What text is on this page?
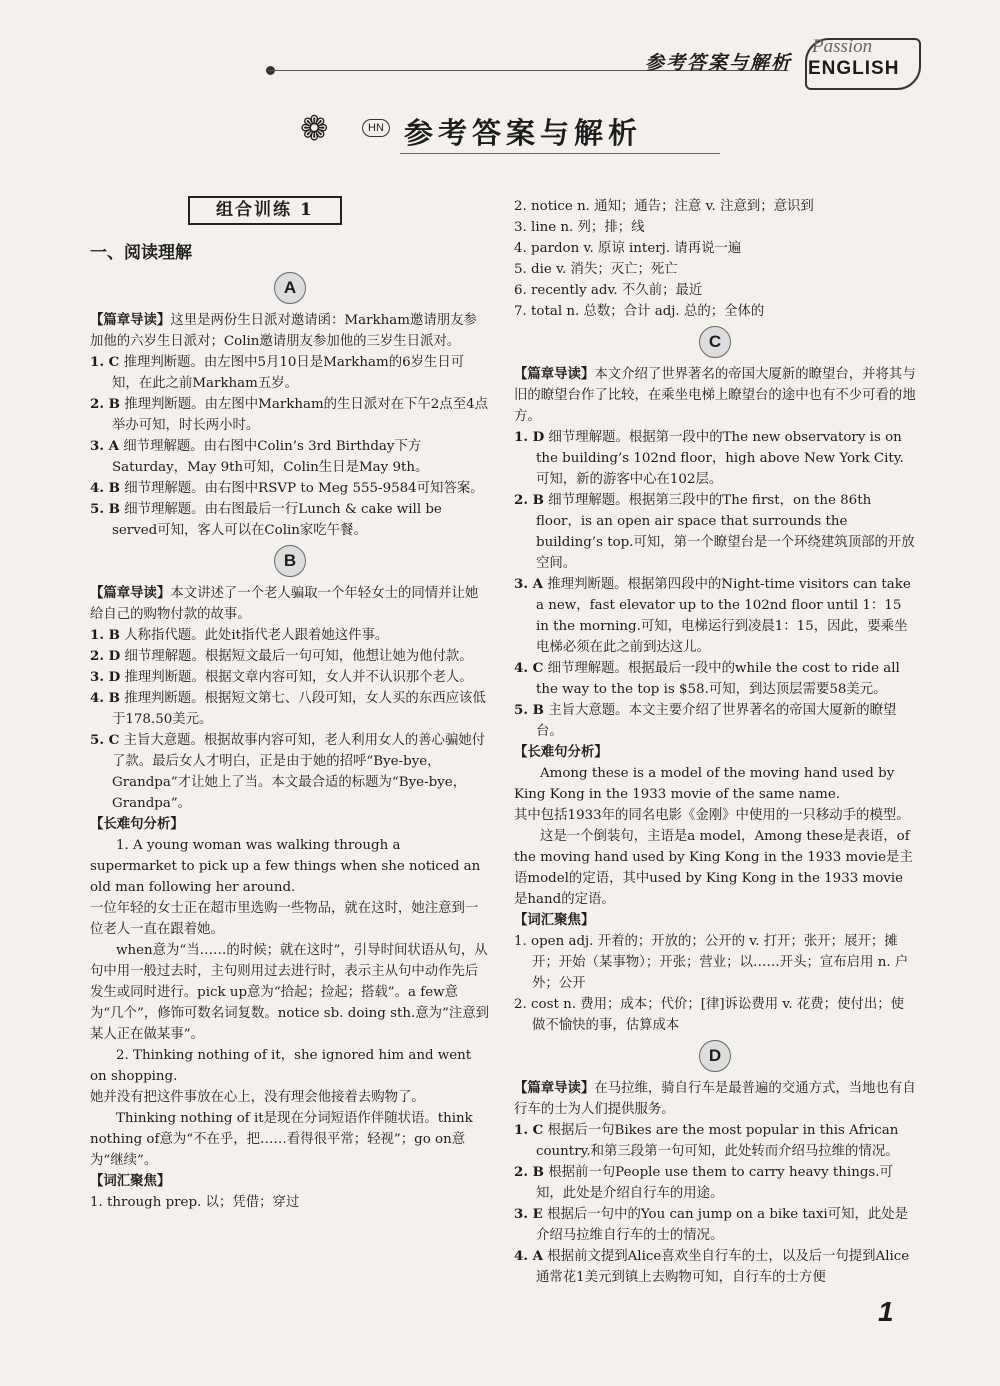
参考答案与解析
Passion
ENGLISH
❁	HN 参考答案与解析
组合训练 1
一、阅读理解
A

【篇章导读】这里是两份生日派对邀请函：Markham邀请朋友参加他的六岁生日派对；Colin邀请朋友参加他的三岁生日派对。

1. C 推理判断题。由左图中5月10日是Markham的6岁生日可知，在此之前Markham五岁。

2. B 推理判断题。由左图中Markham的生日派对在下午2点至4点举办可知，时长两小时。

3. A 细节理解题。由右图中Colin’s 3rd Birthday下方Saturday，May 9th可知，Colin生日是May 9th。

4. B 细节理解题。由右图中RSVP to Meg 555-9584可知答案。

5. B 细节理解题。由右图最后一行Lunch & cake will be served可知，客人可以在Colin家吃午餐。

B

【篇章导读】本文讲述了一个老人骗取一个年轻女士的同情并让她给自己的购物付款的故事。

1. B 人称指代题。此处it指代老人跟着她这件事。

2. D 细节理解题。根据短文最后一句可知，他想让她为他付款。

3. D 推理判断题。根据文章内容可知，女人并不认识那个老人。

4. B 推理判断题。根据短文第七、八段可知，女人买的东西应该低于178.50美元。

5. C 主旨大意题。根据故事内容可知，老人利用女人的善心骗她付了款。最后女人才明白，正是由于她的招呼“Bye-bye，Grandpa”才让她上了当。本文最合适的标题为“Bye-bye，Grandpa”。

【长难句分析】

1. A young woman was walking through a supermarket to pick up a few things when she noticed an old man following her around.

一位年轻的女士正在超市里选购一些物品，就在这时，她注意到一位老人一直在跟着她。

when意为“当……的时候；就在这时”，引导时间状语从句，从句中用一般过去时，主句则用过去进行时，表示主从句中动作先后发生或同时进行。pick up意为“拾起；捡起；搭载”。a few意为“几个”，修饰可数名词复数。notice sb. doing sth.意为“注意到某人正在做某事”。

2. Thinking nothing of it，she ignored him and went on shopping.

她并没有把这件事放在心上，没有理会他接着去购物了。

Thinking nothing of it是现在分词短语作伴随状语。think nothing of意为“不在乎，把……看得很平常；轻视”；go on意为“继续”。

【词汇聚焦】

1. through prep. 以；凭借；穿过

2. notice n. 通知；通告；注意 v. 注意到；意识到

3. line n. 列；排；线

4. pardon v. 原谅 interj. 请再说一遍

5. die v. 消失；灭亡；死亡

6. recently adv. 不久前；最近

7. total n. 总数；合计 adj. 总的；全体的

C

【篇章导读】本文介绍了世界著名的帝国大厦新的瞭望台，并将其与旧的瞭望台作了比较，在乘坐电梯上瞭望台的途中也有不少可看的地方。

1. D 细节理解题。根据第一段中的The new observatory is on the building’s 102nd floor，high above New York City.可知，新的游客中心在102层。

2. B 细节理解题。根据第三段中的The first，on the 86th floor，is an open air space that surrounds the building’s top.可知，第一个瞭望台是一个环绕建筑顶部的开放空间。

3. A 推理判断题。根据第四段中的Night-time visitors can take a new，fast elevator up to the 102nd floor until 1：15 in the morning.可知，电梯运行到凌晨1：15，因此，要乘坐电梯必须在此之前到达这儿。

4. C 细节理解题。根据最后一段中的while the cost to ride all the way to the top is $58.可知，到达顶层需要58美元。

5. B 主旨大意题。本文主要介绍了世界著名的帝国大厦新的瞭望台。

【长难句分析】

Among these is a model of the moving hand used by King Kong in the 1933 movie of the same name.

其中包括1933年的同名电影《金刚》中使用的一只移动手的模型。

这是一个倒装句，主语是a model，Among these是表语，of the moving hand used by King Kong in the 1933 movie是主语model的定语，其中used by King Kong in the 1933 movie是hand的定语。

【词汇聚焦】

1. open adj. 开着的；开放的；公开的 v. 打开；张开；展开；摊开；开始（某事物）；开张；营业；以……开头；宣布启用 n. 户外；公开

2. cost n. 费用；成本；代价；[律]诉讼费用 v. 花费；使付出；使做不愉快的事，估算成本

D

【篇章导读】在马拉维，骑自行车是最普遍的交通方式，当地也有自行车的士为人们提供服务。

1. C 根据后一句Bikes are the most popular in this African country.和第三段第一句可知，此处转而介绍马拉维的情况。

2. B 根据前一句People use them to carry heavy things.可知，此处是介绍自行车的用途。

3. E 根据后一句中的You can jump on a bike taxi可知，此处是介绍马拉维自行车的士的情况。

4. A 根据前文提到Alice喜欢坐自行车的士，以及后一句提到Alice通常花1美元到镇上去购物可知，自行车的士方便

1
